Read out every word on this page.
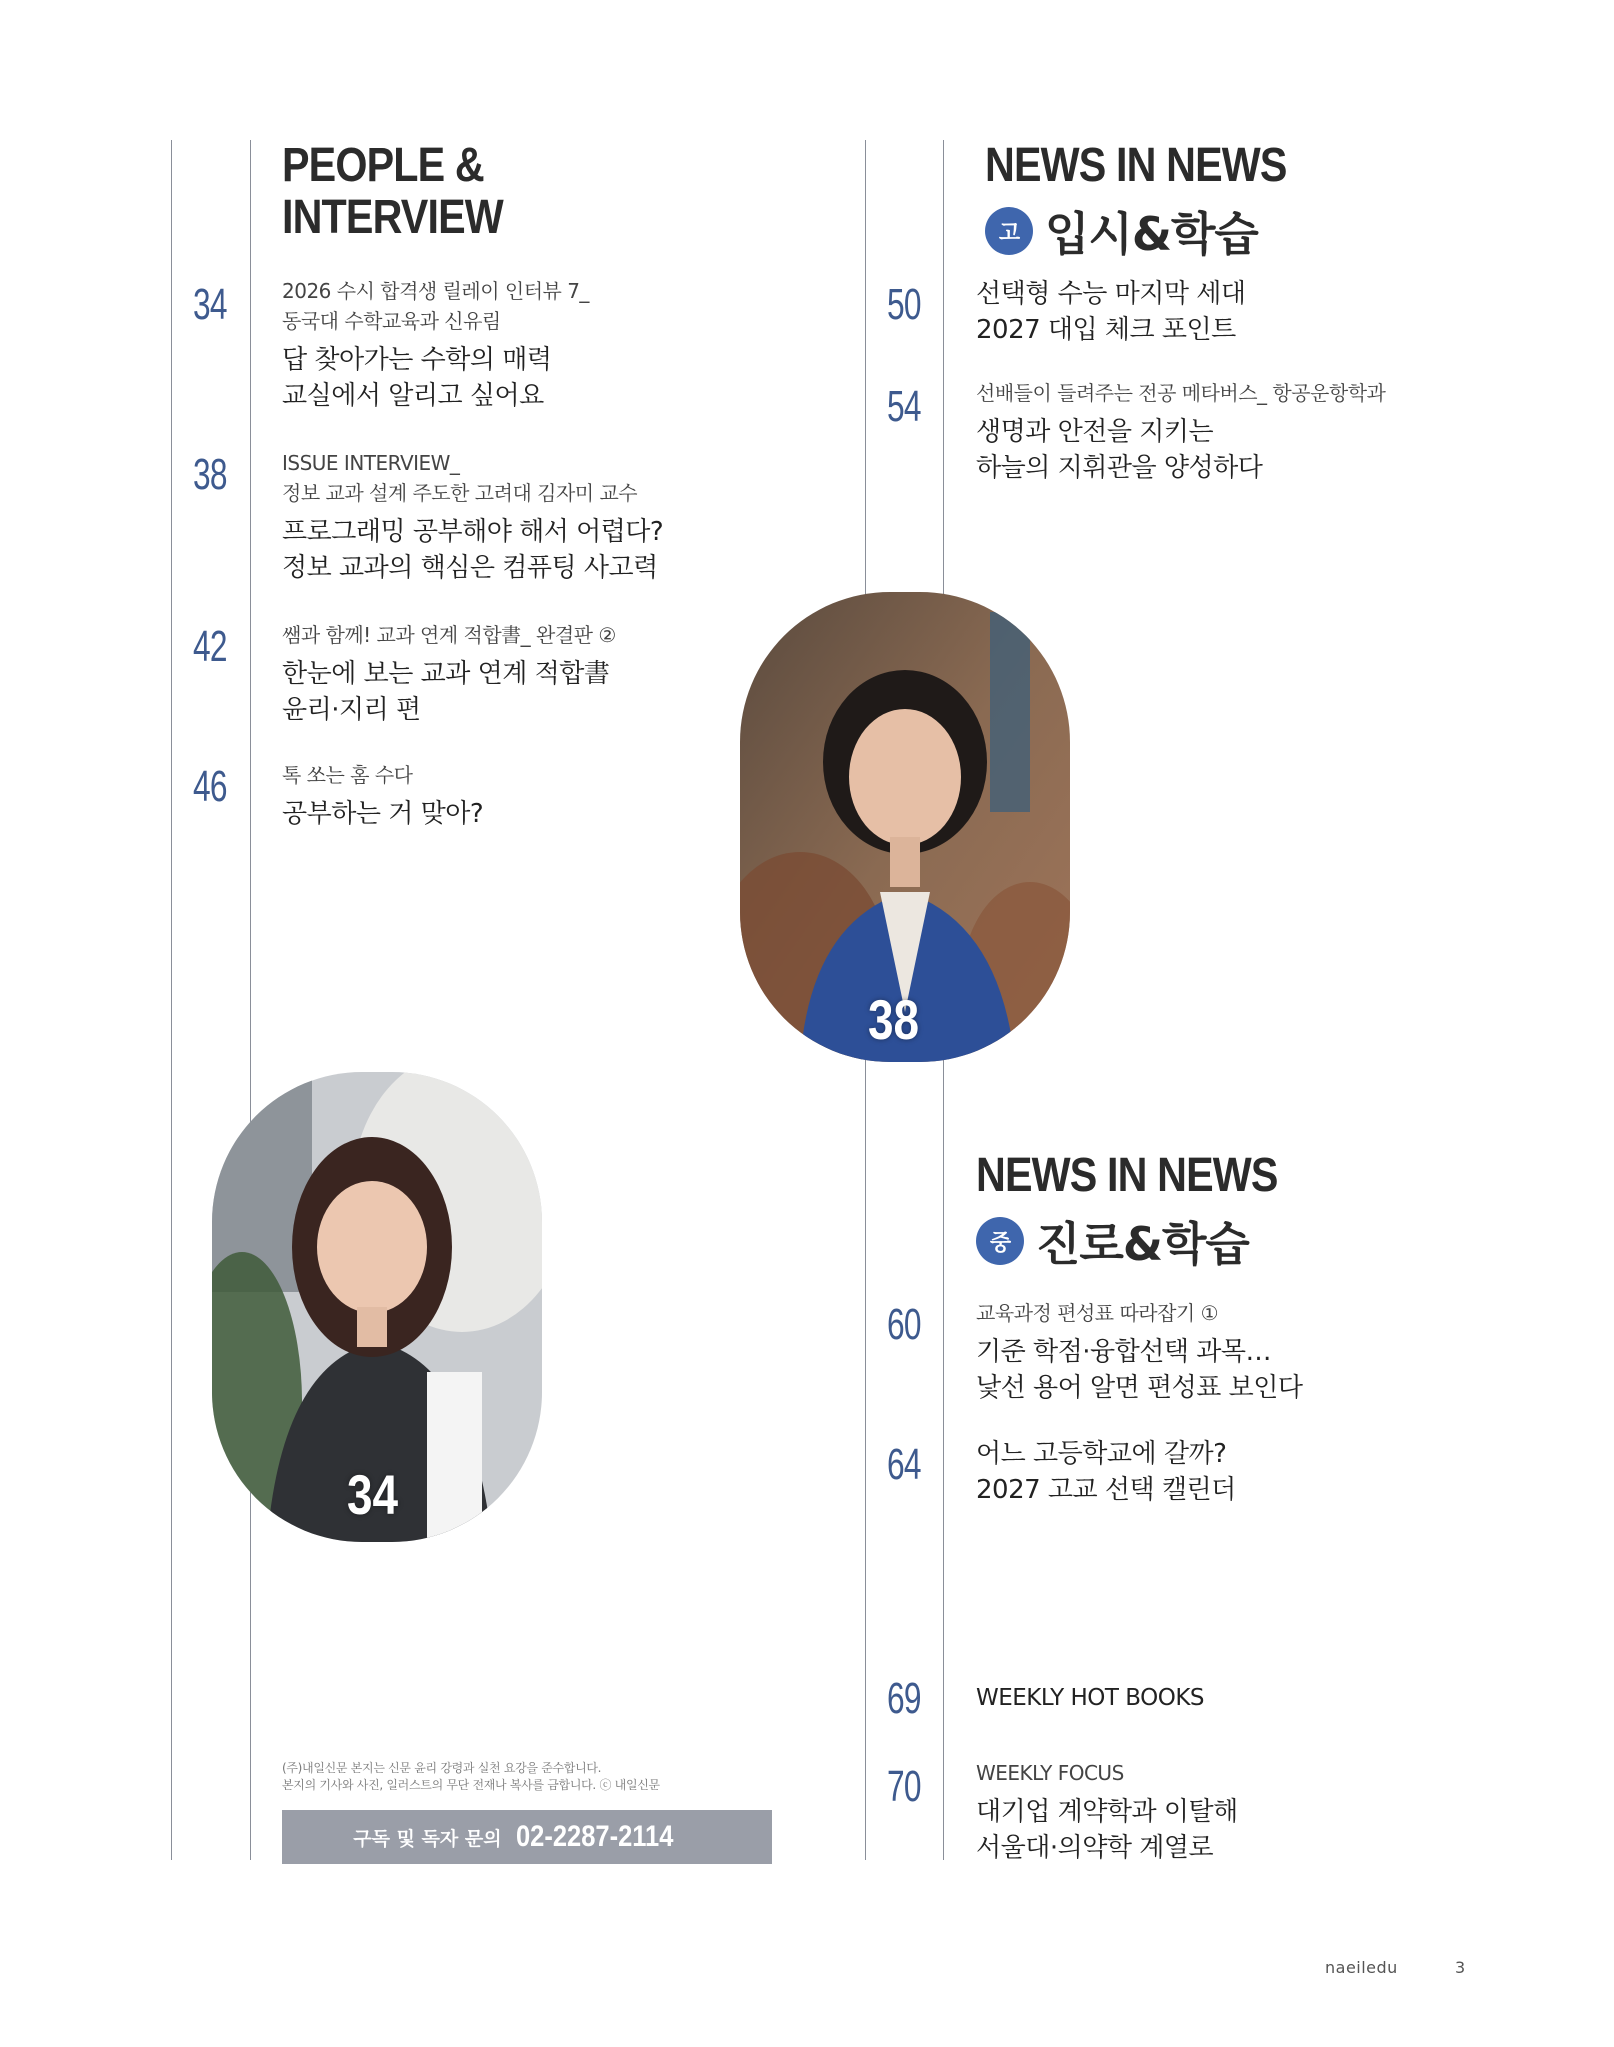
PEOPLE &
INTERVIEW
34	2026 수시 합격생 릴레이 인터뷰 7_
동국대 수학교육과 신유림
답 찾아가는 수학의 매력
교실에서 알리고 싶어요
38	ISSUE INTERVIEW_
정보 교과 설계 주도한 고려대 김자미 교수
프로그래밍 공부해야 해서 어렵다?
정보 교과의 핵심은 컴퓨팅 사고력
42	쌤과 함께! 교과 연계 적합書_ 완결판 ②
한눈에 보는 교과 연계 적합書
윤리·지리 편
46	톡 쏘는 홈 수다
공부하는 거 맞아?
NEWS IN NEWS
고 입시&학습
50 선택형 수능 마지막 세대
2027 대입 체크 포인트
54	선배들이 들려주는 전공 메타버스_ 항공운항학과
생명과 안전을 지키는
하늘의 지휘관을 양성하다
38
34
NEWS IN NEWS
중 진로&학습
60	교육과정 편성표 따라잡기 ①
기준 학점·융합선택 과목…
낯선 용어 알면 편성표 보인다
64 어느 고등학교에 갈까?
2027 고교 선택 캘린더
69 WEEKLY HOT BOOKS
70	WEEKLY FOCUS
대기업 계약학과 이탈해
서울대·의약학 계열로
(주)내일신문 본지는 신문 윤리 강령과 실천 요강을 준수합니다.
본지의 기사와 사진, 일러스트의 무단 전재나 복사를 금합니다. ⓒ 내일신문
구독 및 독자 문의 02-2287-2114
naeiledu	3
